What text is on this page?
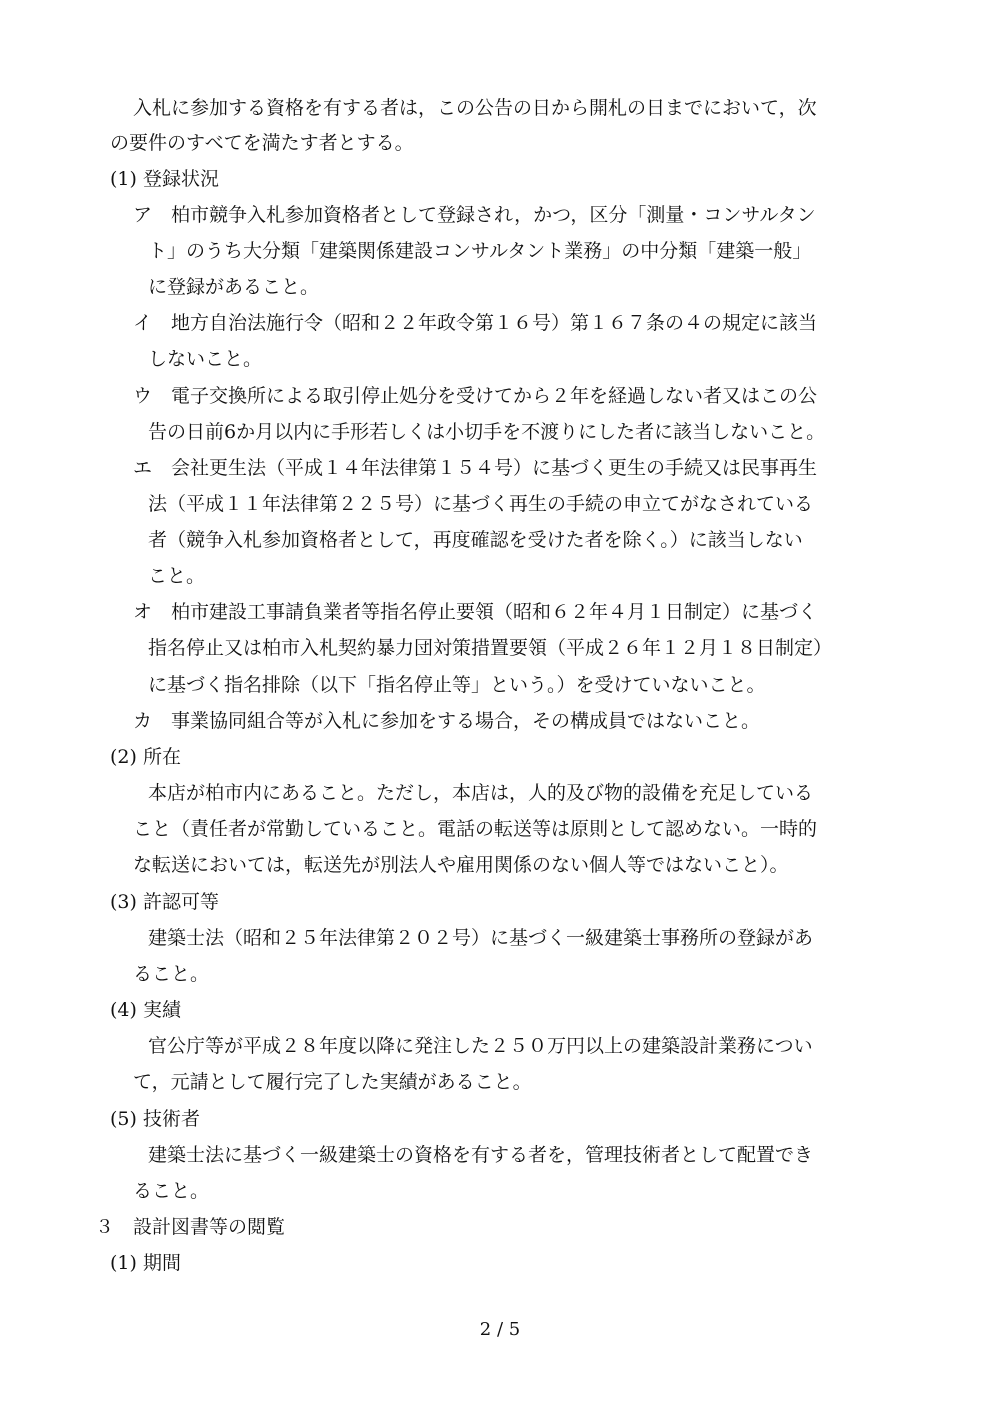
入札に参加する資格を有する者は，この公告の日から開札の日までにおいて，次
の要件のすべてを満たす者とする。
(1) 登録状況
ア　柏市競争入札参加資格者として登録され，かつ，区分「測量・コンサルタン
ト」のうち大分類「建築関係建設コンサルタント業務」の中分類「建築一般」
に登録があること。
イ　地方自治法施行令（昭和２２年政令第１６号）第１６７条の４の規定に該当
しないこと。
ウ　電子交換所による取引停止処分を受けてから２年を経過しない者又はこの公
告の日前6か月以内に手形若しくは小切手を不渡りにした者に該当しないこと。
エ　会社更生法（平成１４年法律第１５４号）に基づく更生の手続又は民事再生
法（平成１１年法律第２２５号）に基づく再生の手続の申立てがなされている
者（競争入札参加資格者として，再度確認を受けた者を除く。）に該当しない
こと。
オ　柏市建設工事請負業者等指名停止要領（昭和６２年４月１日制定）に基づく
指名停止又は柏市入札契約暴力団対策措置要領（平成２６年１２月１８日制定）
に基づく指名排除（以下「指名停止等」という。）を受けていないこと。
カ　事業協同組合等が入札に参加をする場合，その構成員ではないこと。
(2) 所在
本店が柏市内にあること。ただし，本店は，人的及び物的設備を充足している
こと（責任者が常勤していること。電話の転送等は原則として認めない。一時的
な転送においては，転送先が別法人や雇用関係のない個人等ではないこと）。
(3) 許認可等
建築士法（昭和２５年法律第２０２号）に基づく一級建築士事務所の登録があ
ること。
(4) 実績
官公庁等が平成２８年度以降に発注した２５０万円以上の建築設計業務につい
て，元請として履行完了した実績があること。
(5) 技術者
建築士法に基づく一級建築士の資格を有する者を，管理技術者として配置でき
ること。
３　設計図書等の閲覧
(1) 期間
2 / 5
